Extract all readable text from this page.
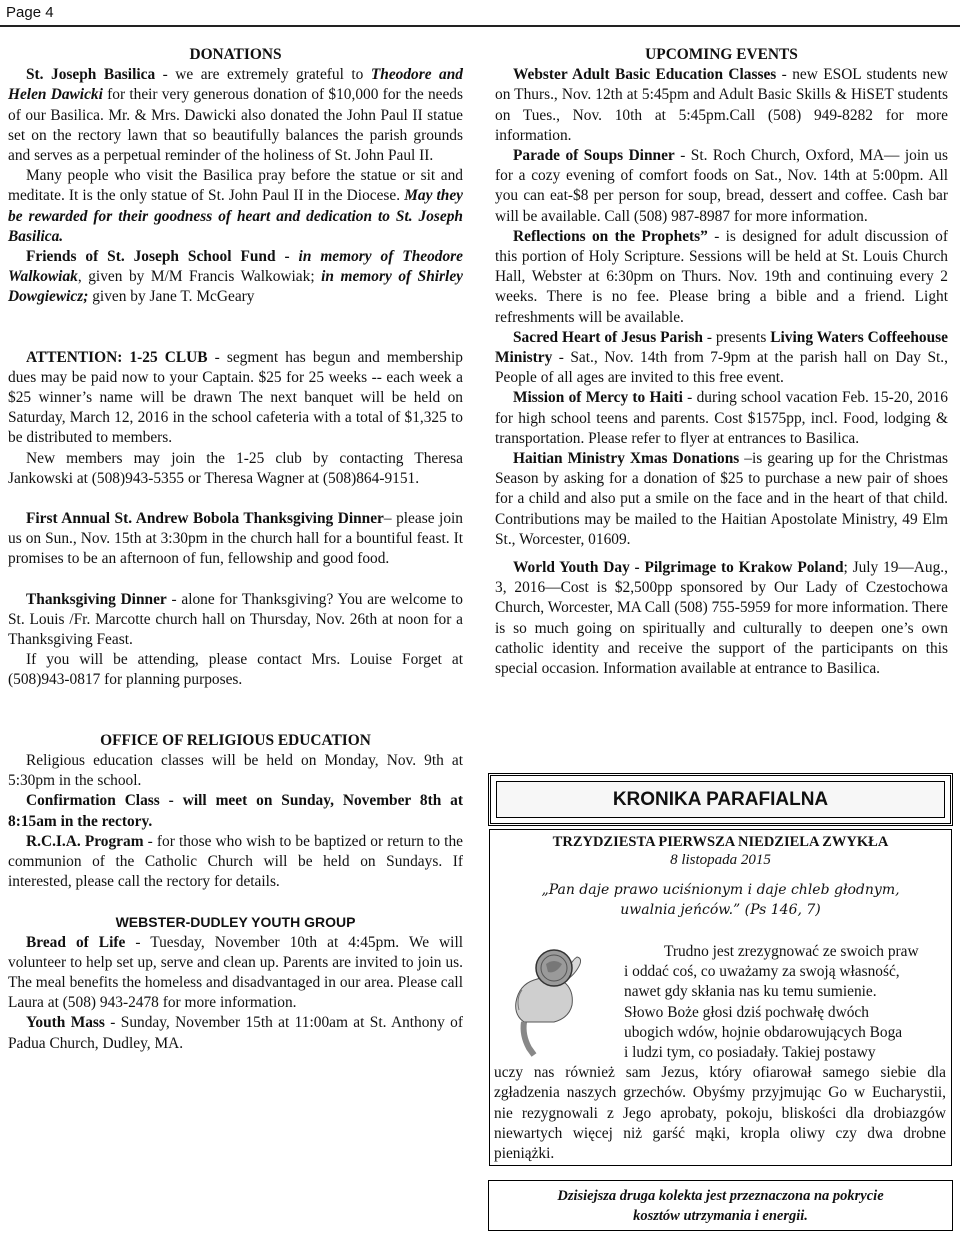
Page 4

DONATIONS

St. Joseph Basilica - we are extremely grateful to Theodore and Helen Dawicki for their very generous donation of $10,000 for the needs of our Basilica. Mr. & Mrs. Dawicki also donated the John Paul II statue set on the rectory lawn that so beautifully balances the parish grounds and serves as a perpetual reminder of the holiness of St. John Paul II.

Many people who visit the Basilica pray before the statue or sit and meditate. It is the only statue of St. John Paul II in the Diocese. May they be rewarded for their goodness of heart and dedication to St. Joseph Basilica.

Friends of St. Joseph School Fund - in memory of Theodore Walkowiak, given by M/M Francis Walkowiak; in memory of Shirley Dowgiewicz; given by Jane T. McGeary

ATTENTION: 1-25 CLUB - segment has begun and membership dues may be paid now to your Captain. $25 for 25 weeks -- each week a $25 winner’s name will be drawn The next banquet will be held on Saturday, March 12, 2016 in the school cafeteria with a total of $1,325 to be distributed to members.

New members may join the 1-25 club by contacting Theresa Jankowski at (508)943-5355 or Theresa Wagner at (508)864-9151.

First Annual St. Andrew Bobola Thanksgiving Dinner– please join us on Sun., Nov. 15th at 3:30pm in the church hall for a bountiful feast. It promises to be an afternoon of fun, fellowship and good food.

Thanksgiving Dinner - alone for Thanksgiving? You are welcome to St. Louis /Fr. Marcotte church hall on Thursday, Nov. 26th at noon for a Thanksgiving Feast.

If you will be attending, please contact Mrs. Louise Forget at (508)943-0817 for planning purposes.

OFFICE OF RELIGIOUS EDUCATION

Religious education classes will be held on Monday, Nov. 9th at 5:30pm in the school.

Confirmation Class - will meet on Sunday, November 8th at 8:15am in the rectory.

R.C.I.A. Program - for those who wish to be baptized or return to the communion of the Catholic Church will be held on Sundays. If interested, please call the rectory for details.

WEBSTER-DUDLEY YOUTH GROUP

Bread of Life - Tuesday, November 10th at 4:45pm. We will volunteer to help set up, serve and clean up. Parents are invited to join us. The meal benefits the homeless and disadvantaged in our area. Please call Laura at (508) 943-2478 for more information.

Youth Mass - Sunday, November 15th at 11:00am at St. Anthony of Padua Church, Dudley, MA.

UPCOMING EVENTS

Webster Adult Basic Education Classes - new ESOL students new on Thurs., Nov. 12th at 5:45pm and Adult Basic Skills & HiSET students on Tues., Nov. 10th at 5:45pm.Call (508) 949-8282 for more information.

Parade of Soups Dinner - St. Roch Church, Oxford, MA— join us for a cozy evening of comfort foods on Sat., Nov. 14th at 5:00pm. All you can eat-$8 per person for soup, bread, dessert and coffee. Cash bar will be available. Call (508) 987-8987 for more information.

Reflections on the Prophets” - is designed for adult discussion of this portion of Holy Scripture. Sessions will be held at St. Louis Church Hall, Webster at 6:30pm on Thurs. Nov. 19th and continuing every 2 weeks. There is no fee. Please bring a bible and a friend. Light refreshments will be available.

Sacred Heart of Jesus Parish - presents Living Waters Coffeehouse Ministry - Sat., Nov. 14th from 7-9pm at the parish hall on Day St., People of all ages are invited to this free event.

Mission of Mercy to Haiti - during school vacation Feb. 15-20, 2016 for high school teens and parents. Cost $1575pp, incl. Food, lodging & transportation. Please refer to flyer at entrances to Basilica.

Haitian Ministry Xmas Donations –is gearing up for the Christmas Season by asking for a donation of $25 to purchase a new pair of shoes for a child and also put a smile on the face and in the heart of that child. Contributions may be mailed to the Haitian Apostolate Ministry, 49 Elm St., Worcester, 01609.

World Youth Day - Pilgrimage to Krakow Poland; July 19—Aug., 3, 2016—Cost is $2,500pp sponsored by Our Lady of Czestochowa Church, Worcester, MA Call (508) 755-5959 for more information. There is so much going on spiritually and culturally to deepen one’s own catholic identity and receive the support of the participants on this special occasion. Information available at entrance to Basilica.

KRONIKA PARAFIALNA
TRZYDZIESTA PIERWSZA NIEDZIELA ZWYKŁA
8 listopada 2015
„Pan daje prawo uciśnionym i daje chleb głodnym,
uwalnia jeńców.” (Ps 146, 7)
Trudno jest zrezygnować ze swoich praw
i oddać coś, co uważamy za swoją własność,
nawet gdy skłania nas ku temu sumienie.
Słowo Boże głosi dziś pochwałę dwóch
ubogich wdów, hojnie obdarowujących Boga
i ludzi tym, co posiadały. Takiej postawy
uczy nas również sam Jezus, który ofiarował samego siebie dla zgładzenia naszych grzechów. Obyśmy przyjmując Go w Eucharystii, nie rezygnowali z Jego aprobaty, pokoju, bliskości dla drobiazgów niewartych więcej niż garść mąki, kropla oliwy czy dwa drobne pieniążki.
Dzisiejsza druga kolekta jest przeznaczona na pokrycie
kosztów utrzymania i energii.
